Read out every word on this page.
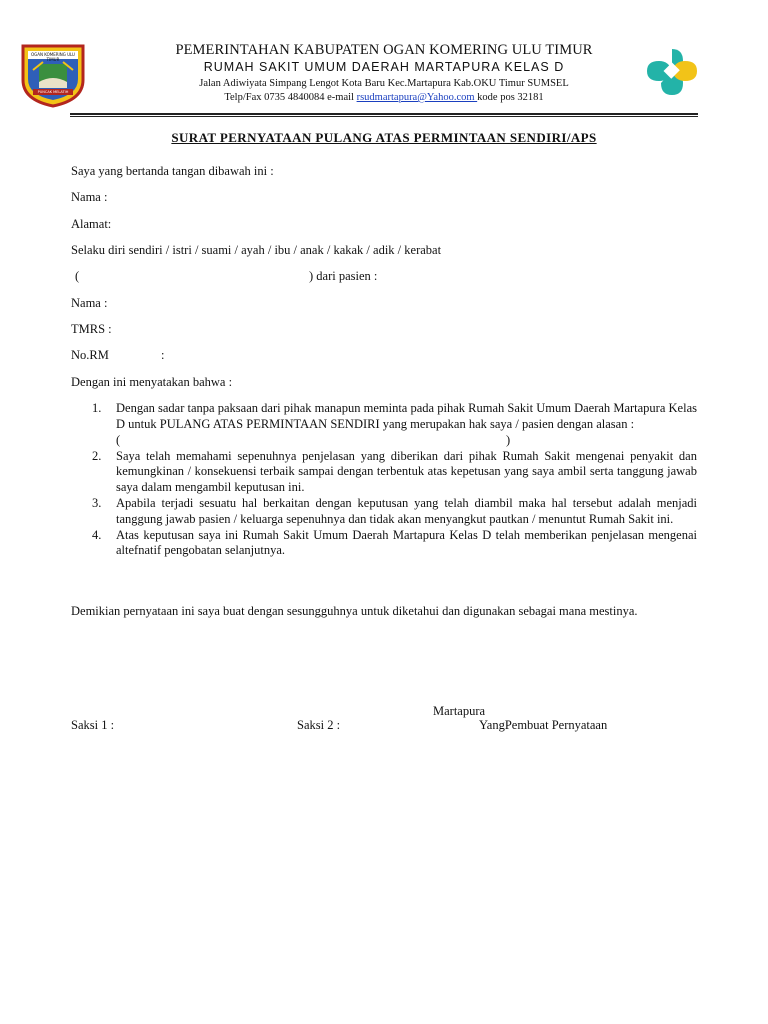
OGAN KOMERING ULU TIMUR
PUNCAK MELATIH
PEMERINTAHAN KABUPATEN OGAN KOMERING ULU TIMUR
RUMAH SAKIT UMUM DAERAH MARTAPURA KELAS D
Jalan Adiwiyata Simpang Lengot Kota Baru Kec.Martapura Kab.OKU Timur SUMSEL
Telp/Fax 0735 4840084 e-mail rsudmartapura@Yahoo.com kode pos 32181
SURAT PERNYATAAN PULANG ATAS PERMINTAAN SENDIRI/APS
Saya yang bertanda tangan dibawah ini :
Nama :
Alamat:
Selaku diri sendiri / istri / suami / ayah / ibu / anak / kakak / adik / kerabat
(	) dari pasien :
Nama :
TMRS :
No.RM	:
Dengan ini menyatakan bahwa :
1. Dengan sadar tanpa paksaan dari pihak manapun meminta pada pihak Rumah Sakit Umum Daerah Martapura Kelas D untuk PULANG ATAS PERMINTAAN SENDIRI yang merupakan hak saya / pasien dengan alasan :
(	)
2. Saya telah memahami sepenuhnya penjelasan yang diberikan dari pihak Rumah Sakit mengenai penyakit dan kemungkinan / konsekuensi terbaik sampai dengan terbentuk atas kepetusan yang saya ambil serta tanggung jawab saya dalam mengambil keputusan ini.
3. Apabila terjadi sesuatu hal berkaitan dengan keputusan yang telah diambil maka hal tersebut adalah menjadi tanggung jawab pasien / keluarga sepenuhnya dan tidak akan menyangkut pautkan / menuntut Rumah Sakit ini.
4. Atas keputusan saya ini Rumah Sakit Umum Daerah Martapura Kelas D telah memberikan penjelasan mengenai altefnatif pengobatan selanjutnya.
Demikian pernyataan ini saya buat dengan sesungguhnya untuk diketahui dan digunakan sebagai mana mestinya.
Martapura
Saksi 1 :	Saksi 2 :	YangPembuat Pernyataan
